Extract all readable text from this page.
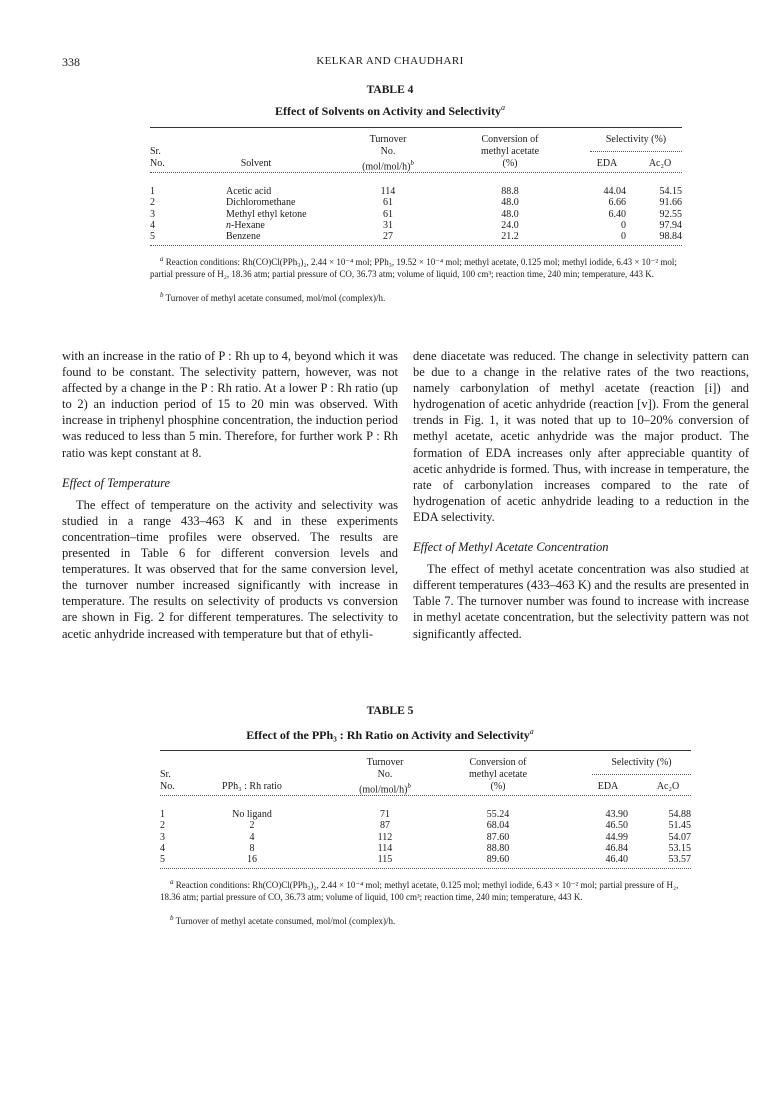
338	KELKAR AND CHAUDHARI
TABLE 4
Effect of Solvents on Activity and Selectivity$^a$
Sr.
No.	Solvent
Turnover
No.
$(mol/mol/h)^b$
Conversion of
methyl acetate
(%)
Selectivity (%)
EDA	Ac₂O
1	Acetic acid	114	88.8	44.04	54.15
2	Dichloromethane	61	48.0	6.66	91.66
3	Methyl ethyl ketone	61	48.0	6.40	92.55
4	n-Hexane	31	24.0	0	97.94
5	Benzene	27	21.2	0	98.84
$^a$ Reaction conditions: Rh(CO)Cl(PPh₃)₂, 2.44 × 10⁻⁴ mol; PPh₃, 19.52 × 10⁻⁴ mol; methyl acetate, 0.125 mol; methyl iodide, 6.43 × 10⁻² mol; partial pressure of H₂, 18.36 atm; partial pressure of CO, 36.73 atm; volume of liquid, 100 cm³; reaction time, 240 min; temperature, 443 K.
$^b$ Turnover of methyl acetate consumed, mol/mol (complex)/h.

with an increase in the ratio of P : Rh up to 4, beyond which it was found to be constant. The selectivity pattern, however, was not affected by a change in the P : Rh ratio. At a lower P : Rh ratio (up to 2) an induction period of 15 to 20 min was observed. With increase in triphenyl phosphine concentration, the induction period was reduced to less than 5 min. Therefore, for further work P : Rh ratio was kept constant at 8.

Effect of Temperature

The effect of temperature on the activity and selectivity was studied in a range 433–463 K and in these experiments concentration–time profiles were observed. The results are presented in Table 6 for different conversion levels and temperatures. It was observed that for the same conversion level, the turnover number increased significantly with increase in temperature. The results on selectivity of products vs conversion are shown in Fig. 2 for different temperatures. The selectivity to acetic anhydride increased with temperature but that of ethyli-

dene diacetate was reduced. The change in selectivity pattern can be due to a change in the relative rates of the two reactions, namely carbonylation of methyl acetate (reaction [i]) and hydrogenation of acetic anhydride (reaction [v]). From the general trends in Fig. 1, it was noted that up to 10–20% conversion of methyl acetate, acetic anhydride was the major product. The formation of EDA increases only after appreciable quantity of acetic anhydride is formed. Thus, with increase in temperature, the rate of carbonylation increases compared to the rate of hydrogenation of acetic anhydride leading to a reduction in the EDA selectivity.

Effect of Methyl Acetate Concentration

The effect of methyl acetate concentration was also studied at different temperatures (433–463 K) and the results are presented in Table 7. The turnover number was found to increase with increase in methyl acetate concentration, but the selectivity pattern was not significantly affected.

TABLE 5
Effect of the PPh₃ : Rh Ratio on Activity and Selectivity$^a$
Sr.
No.	PPh₃ : Rh ratio
Turnover
No.
$(mol/mol/h)^b$
Conversion of
methyl acetate
(%)
Selectivity (%)
EDA	Ac₂O
1	No ligand	71	55.24	43.90	54.88
2	2	87	68.04	46.50	51.45
3	4	112	87.60	44.99	54.07
4	8	114	88.80	46.84	53.15
5	16	115	89.60	46.40	53.57
$^a$ Reaction conditions: Rh(CO)Cl(PPh₃)₂, 2.44 × 10⁻⁴ mol; methyl acetate, 0.125 mol; methyl iodide, 6.43 × 10⁻² mol; partial pressure of H₂, 18.36 atm; partial pressure of CO, 36.73 atm; volume of liquid, 100 cm³; reaction time, 240 min; temperature, 443 K.
$^b$ Turnover of methyl acetate consumed, mol/mol (complex)/h.
